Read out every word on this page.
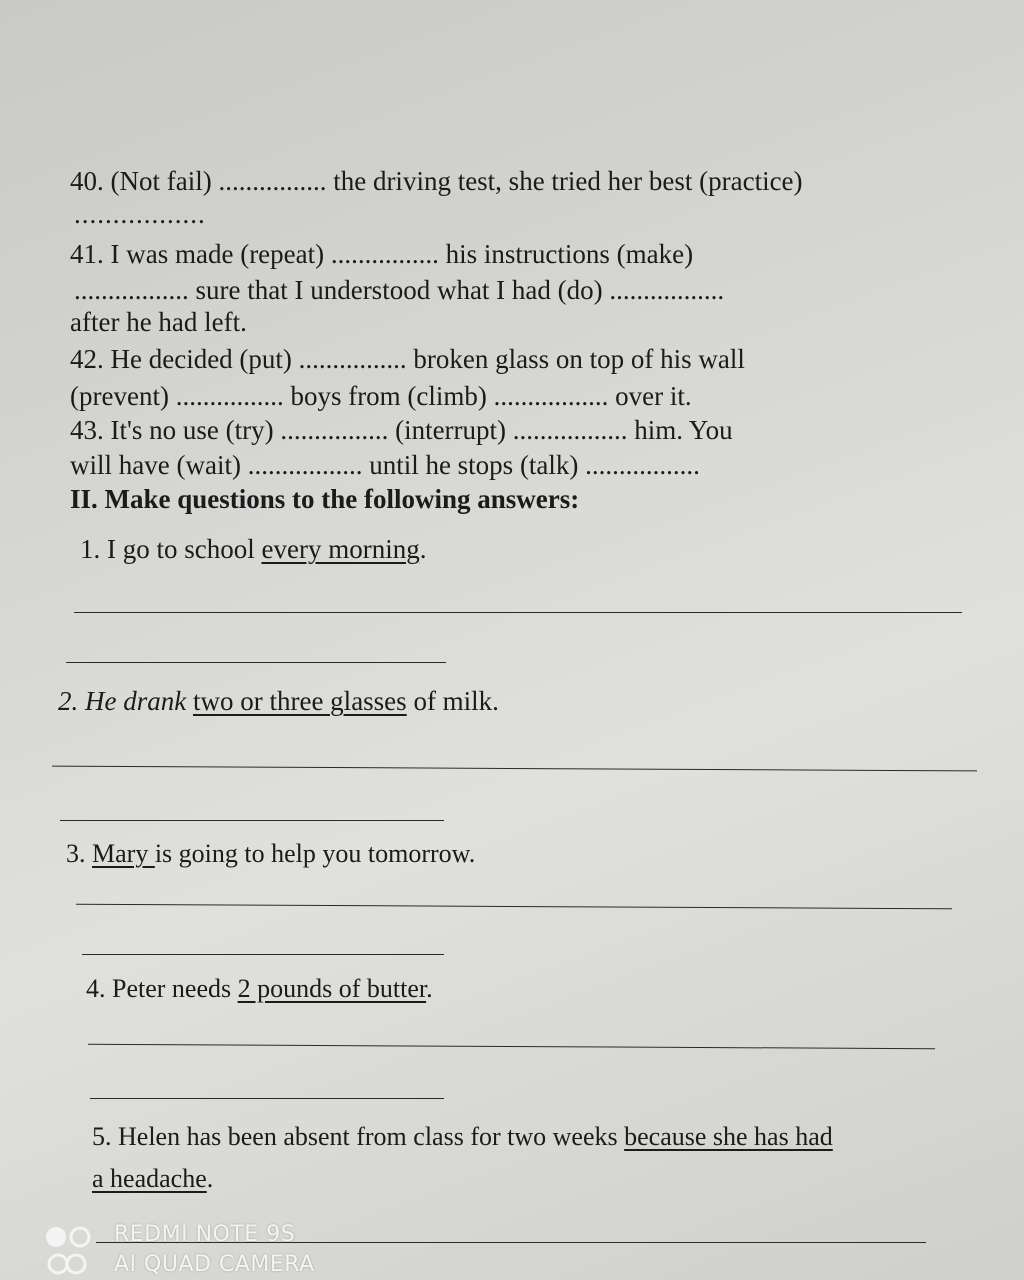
40. (Not fail) ................ the driving test, she tried her best (practice)
.................
41. I was made (repeat) ................ his instructions (make)
................. sure that I understood what I had (do) .................
after he had left.
42. He decided (put) ................ broken glass on top of his wall
(prevent) ................ boys from (climb) ................. over it.
43. It's no use (try) ................ (interrupt) ................. him. You
will have (wait) ................. until he stops (talk) .................
II. Make questions to the following answers:
1. I go to school every morning.
2. He drank two or three glasses of milk.
3. Mary is going to help you tomorrow.
4. Peter needs 2 pounds of butter.
5. Helen has been absent from class for two weeks because she has had
a headache.
REDMI NOTE 9S
AI QUAD CAMERA
